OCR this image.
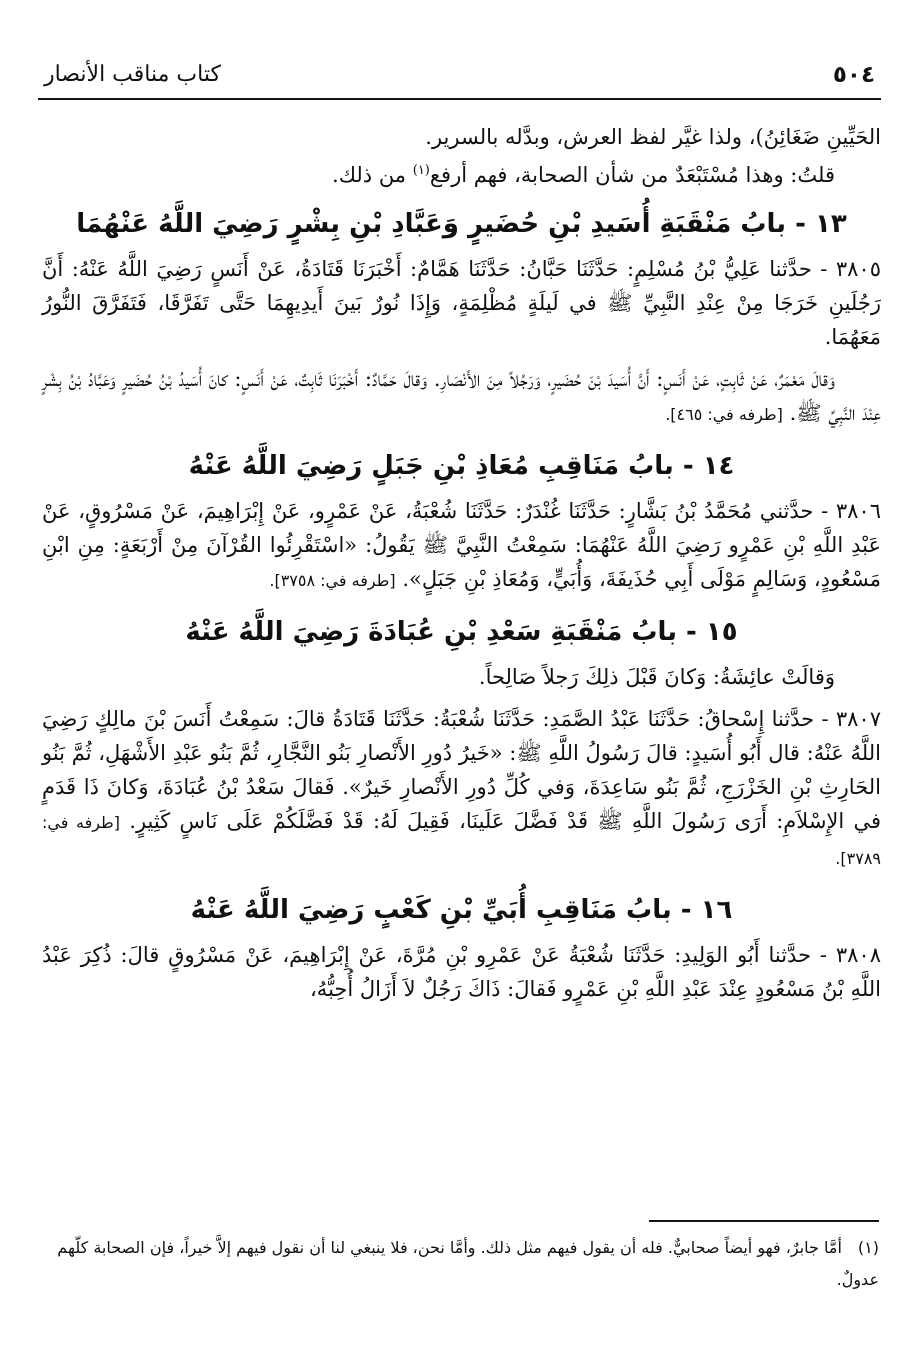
٥٠٤
كتاب مناقب الأنصار

الحَيِّينِ ضَغَائِنُ)، ولذا غيَّر لفظ العرش، وبدَّله بالسرير.

قلتُ: وهذا مُسْتَبْعَدٌ من شأن الصحابة، فهم أرفع$^{(١)}$ من ذلك.

١٣ - بابُ مَنْقَبَةِ أُسَيدِ بْنِ حُضَيرٍ وَعَبَّادِ بْنِ بِشْرٍ رَضِيَ اللَّهُ عَنْهُمَا

٣٨٠٥ - حدَّثنا عَلِيُّ بْنُ مُسْلِمٍ: حَدَّثَنَا حَبَّانُ: حَدَّثَنَا هَمَّامٌ: أَخْبَرَنَا قَتَادَةُ، عَنْ أَنَسٍ رَضِيَ اللَّهُ عَنْهُ: أَنَّ رَجُلَينِ خَرَجَا مِنْ عِنْدِ النَّبِيِّ ﷺ في لَيلَةٍ مُظْلِمَةٍ، وَإِذَا نُورٌ بَينَ أَيدِيهِمَا حَتَّى تَفَرَّقَا، فَتَفَرَّقَ النُّورُ مَعَهُمَا.

وَقالَ مَعْمَرٌ، عَنْ ثَابِتٍ، عَنْ أَنَسٍ: أَنَّ أُسَيدَ بْنَ حُضَيرٍ، وَرَجُلاً مِنَ الأَنْصَارِ. وَقالَ حَمَّادٌ: أَخْبَرَنَا ثَابِتٌ، عَنْ أَنَسٍ: كانَ أُسَيدُ بْنُ حُضَيرٍ وَعَبَّادُ بْنُ بِشْرٍ عِنْدَ النَّبِيِّ ﷺ. [طرفه في: ٤٦٥].

١٤ - بابُ مَنَاقِبِ مُعَاذِ بْنِ جَبَلٍ رَضِيَ اللَّهُ عَنْهُ

٣٨٠٦ - حدَّثني مُحَمَّدُ بْنُ بَشَّارٍ: حَدَّثَنَا غُنْدَرٌ: حَدَّثَنَا شُعْبَةُ، عَنْ عَمْرٍو، عَنْ إِبْرَاهِيمَ، عَنْ مَسْرُوقٍ، عَنْ عَبْدِ اللَّهِ بْنِ عَمْرٍو رَضِيَ اللَّهُ عَنْهُمَا: سَمِعْتُ النَّبِيَّ ﷺ يَقُولُ: «اسْتَقْرِئُوا القُرْآنَ مِنْ أَرْبَعَةٍ: مِنِ ابْنِ مَسْعُودٍ، وَسَالِمٍ مَوْلَى أَبِي حُذَيفَةَ، وَأُبَيٍّ، وَمُعَاذِ بْنِ جَبَلٍ». [طرفه في: ٣٧٥٨].

١٥ - بابُ مَنْقَبَةِ سَعْدِ بْنِ عُبَادَةَ رَضِيَ اللَّهُ عَنْهُ

وَقالَتْ عائِشَةُ: وَكانَ قَبْلَ ذلِكَ رَجلاً صَالِحاً.

٣٨٠٧ - حدَّثنا إِسْحاقُ: حَدَّثَنَا عَبْدُ الصَّمَدِ: حَدَّثَنَا شُعْبَةُ: حَدَّثَنَا قَتَادَةُ قالَ: سَمِعْتُ أَنَسَ بْنَ مالِكٍ رَضِيَ اللَّهُ عَنْهُ: قال أَبُو أُسَيدٍ: قالَ رَسُولُ اللَّهِ ﷺ: «خَيرُ دُورِ الأَنْصارِ بَنُو النَّجَّارِ، ثُمَّ بَنُو عَبْدِ الأَشْهَلِ، ثُمَّ بَنُو الحَارِثِ بْنِ الخَزْرَجِ، ثُمَّ بَنُو سَاعِدَةَ، وَفي كُلِّ دُورِ الأَنْصارِ خَيرٌ». فَقالَ سَعْدُ بْنُ عُبَادَةَ، وَكانَ ذَا قَدَمٍ في الإِسْلاَمِ: أَرَى رَسُولَ اللَّهِ ﷺ قَدْ فَضَّلَ عَلَينَا، فَقِيلَ لَهُ: قَدْ فَضَّلَكُمْ عَلَى نَاسٍ كَثِيرٍ. [طرفه في: ٣٧٨٩].

١٦ - بابُ مَنَاقِبِ أُبَيِّ بْنِ كَعْبٍ رَضِيَ اللَّهُ عَنْهُ

٣٨٠٨ - حدَّثنا أَبُو الوَلِيدِ: حَدَّثَنَا شُعْبَةُ عَنْ عَمْرِو بْنِ مُرَّةَ، عَنْ إِبْرَاهِيمَ، عَنْ مَسْرُوقٍ قالَ: ذُكِرَ عَبْدُ اللَّهِ بْنُ مَسْعُودٍ عِنْدَ عَبْدِ اللَّهِ بْنِ عَمْرٍو فَقالَ: ذَاكَ رَجُلٌ لاَ أَزَالُ أُحِبُّهُ،

(١)
أمَّا جابرٌ، فهو أيضاً صحابيٌّ. فله أن يقول فيهم مثل ذلك. وأمَّا نحن، فلا ينبغي لنا أن نقول فيهم إلاَّ خيراً، فإن الصحابة كلّهم عدولٌ.
